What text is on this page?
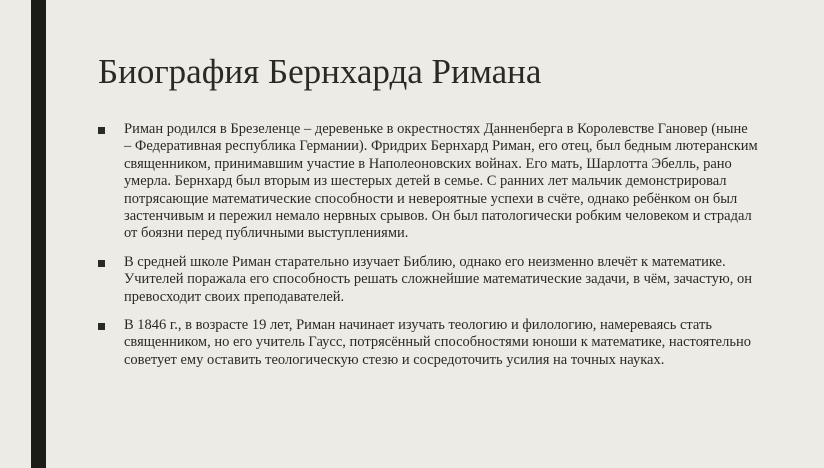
Биография Бернхарда Римана
Риман родился в Брезеленце – деревеньке в окрестностях Данненберга в Королевстве Гановер (ныне – Федеративная республика Германии). Фридрих Бернхард Риман, его отец, был бедным лютеранским священником, принимавшим участие в Наполеоновских войнах. Его мать, Шарлотта Эбелль, рано умерла. Бернхард был вторым из шестерых детей в семье. С ранних лет мальчик демонстрировал потрясающие математические способности и невероятные успехи в счёте, однако ребёнком он был застенчивым и пережил немало нервных срывов. Он был патологически робким человеком и страдал от боязни перед публичными выступлениями.
В средней школе Риман старательно изучает Библию, однако его неизменно влечёт к математике. Учителей поражала его способность решать сложнейшие математические задачи, в чём, зачастую, он превосходит своих преподавателей.
В 1846 г., в возрасте 19 лет, Риман начинает изучать теологию и филологию, намереваясь стать священником, но его учитель Гаусс, потрясённый способностями юноши к математике, настоятельно советует ему оставить теологическую стезю и сосредоточить усилия на точных науках.
